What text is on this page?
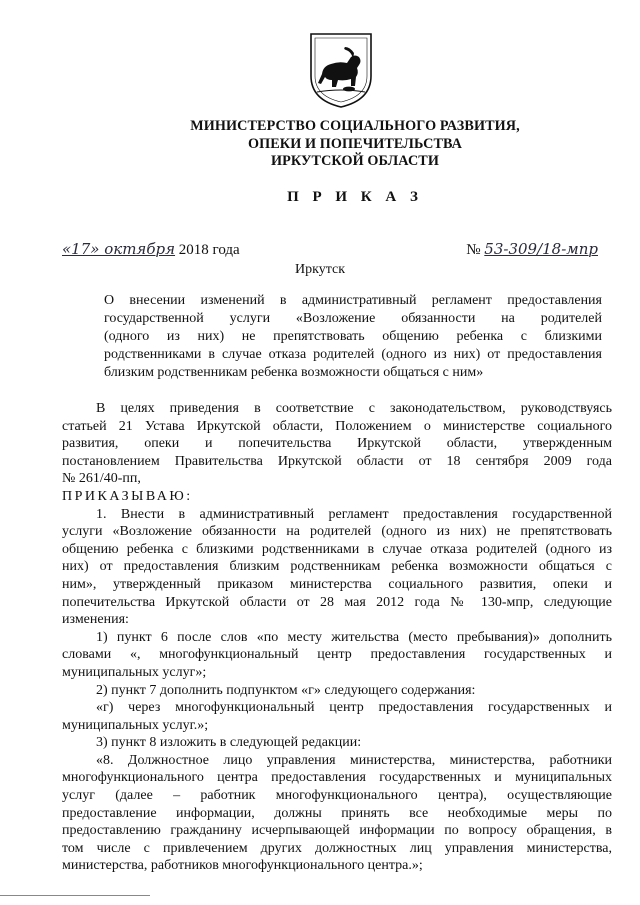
МИНИСТЕРСТВО СОЦИАЛЬНОГО РАЗВИТИЯ,
ОПЕКИ И ПОПЕЧИТЕЛЬСТВА
ИРКУТСКОЙ ОБЛАСТИ
П Р И К А З
«17» октября 2018 года	№ 53-309/18-мпр
Иркутск
О внесении изменений в административный регламент предоставления
государственной услуги «Возложение обязанности на родителей
(одного из них) не препятствовать общению ребенка с близкими
родственниками в случае отказа родителей (одного из них) от предоставления
близким родственникам ребенка возможности общаться с ним»
В целях приведения в соответствие с законодательством, руководствуясь
статьей 21 Устава Иркутской области, Положением о министерстве социального
развития, опеки и попечительства Иркутской области, утвержденным
постановлением Правительства Иркутской области от 18 сентября 2009 года
№ 261/40-пп,
ПРИКАЗЫВАЮ:
1. Внести в административный регламент предоставления государственной
услуги «Возложение обязанности на родителей (одного из них) не препятствовать
общению ребенка с близкими родственниками в случае отказа родителей (одного из
них) от предоставления близким родственникам ребенка возможности общаться с
ним», утвержденный приказом министерства социального развития, опеки и
попечительства Иркутской области от 28 мая 2012 года № 130-мпр, следующие
изменения:
1) пункт 6 после слов «по месту жительства (место пребывания)» дополнить
словами «, многофункциональный центр предоставления государственных и
муниципальных услуг»;
2) пункт 7 дополнить подпунктом «г» следующего содержания:
«г) через многофункциональный центр предоставления государственных и
муниципальных услуг.»;
3) пункт 8 изложить в следующей редакции:
«8. Должностное лицо управления министерства, министерства, работники
многофункционального центра предоставления государственных и муниципальных
услуг (далее – работник многофункционального центра), осуществляющие
предоставление информации, должны принять все необходимые меры по
предоставлению гражданину исчерпывающей информации по вопросу обращения, в
том числе с привлечением других должностных лиц управления министерства,
министерства, работников многофункционального центра.»;
